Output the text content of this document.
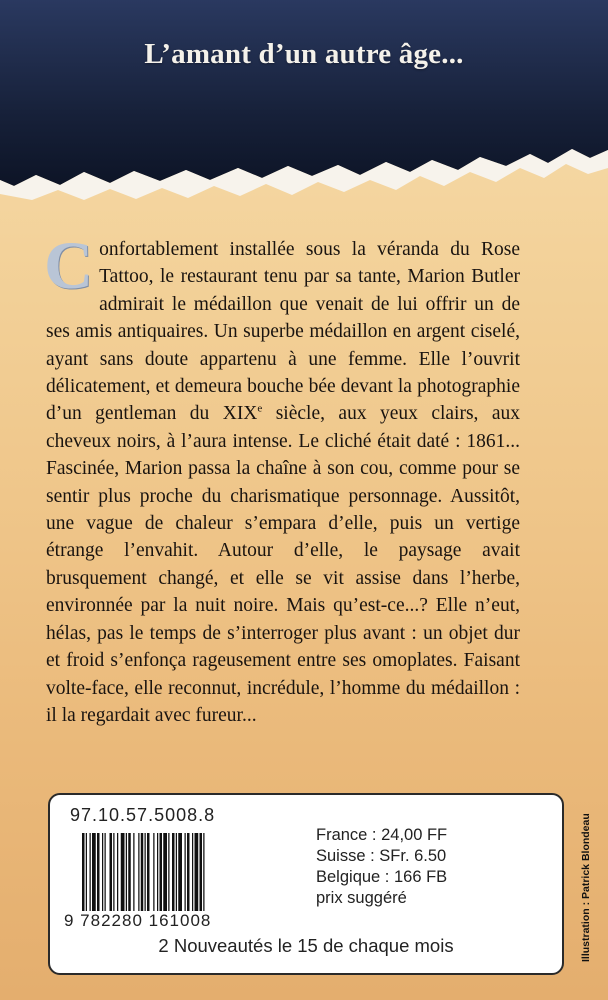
L’amant d’un autre âge...
Confortablement installée sous la véranda du Rose Tattoo, le restaurant tenu par sa tante, Marion Butler admirait le médaillon que venait de lui offrir un de ses amis antiquaires. Un superbe médaillon en argent ciselé, ayant sans doute appartenu à une femme. Elle l’ouvrit délicatement, et demeura bouche bée devant la photographie d’un gentleman du XIXe siècle, aux yeux clairs, aux cheveux noirs, à l’aura intense. Le cliché était daté : 1861... Fascinée, Marion passa la chaîne à son cou, comme pour se sentir plus proche du charismatique personnage. Aussitôt, une vague de chaleur s’empara d’elle, puis un vertige étrange l’envahit. Autour d’elle, le paysage avait brusquement changé, et elle se vit assise dans l’herbe, environnée par la nuit noire. Mais qu’est-ce...? Elle n’eut, hélas, pas le temps de s’interroger plus avant : un objet dur et froid s’enfonça rageusement entre ses omoplates. Faisant volte-face, elle reconnut, incrédule, l’homme du médaillon : il la regardait avec fureur...
Illustration : Patrick Blondeau
97.10.57.5008.8
9 782280 161008
France : 24,00 FF
Suisse : SFr. 6.50
Belgique : 166 FB
prix suggéré
2 Nouveautés le 15 de chaque mois
